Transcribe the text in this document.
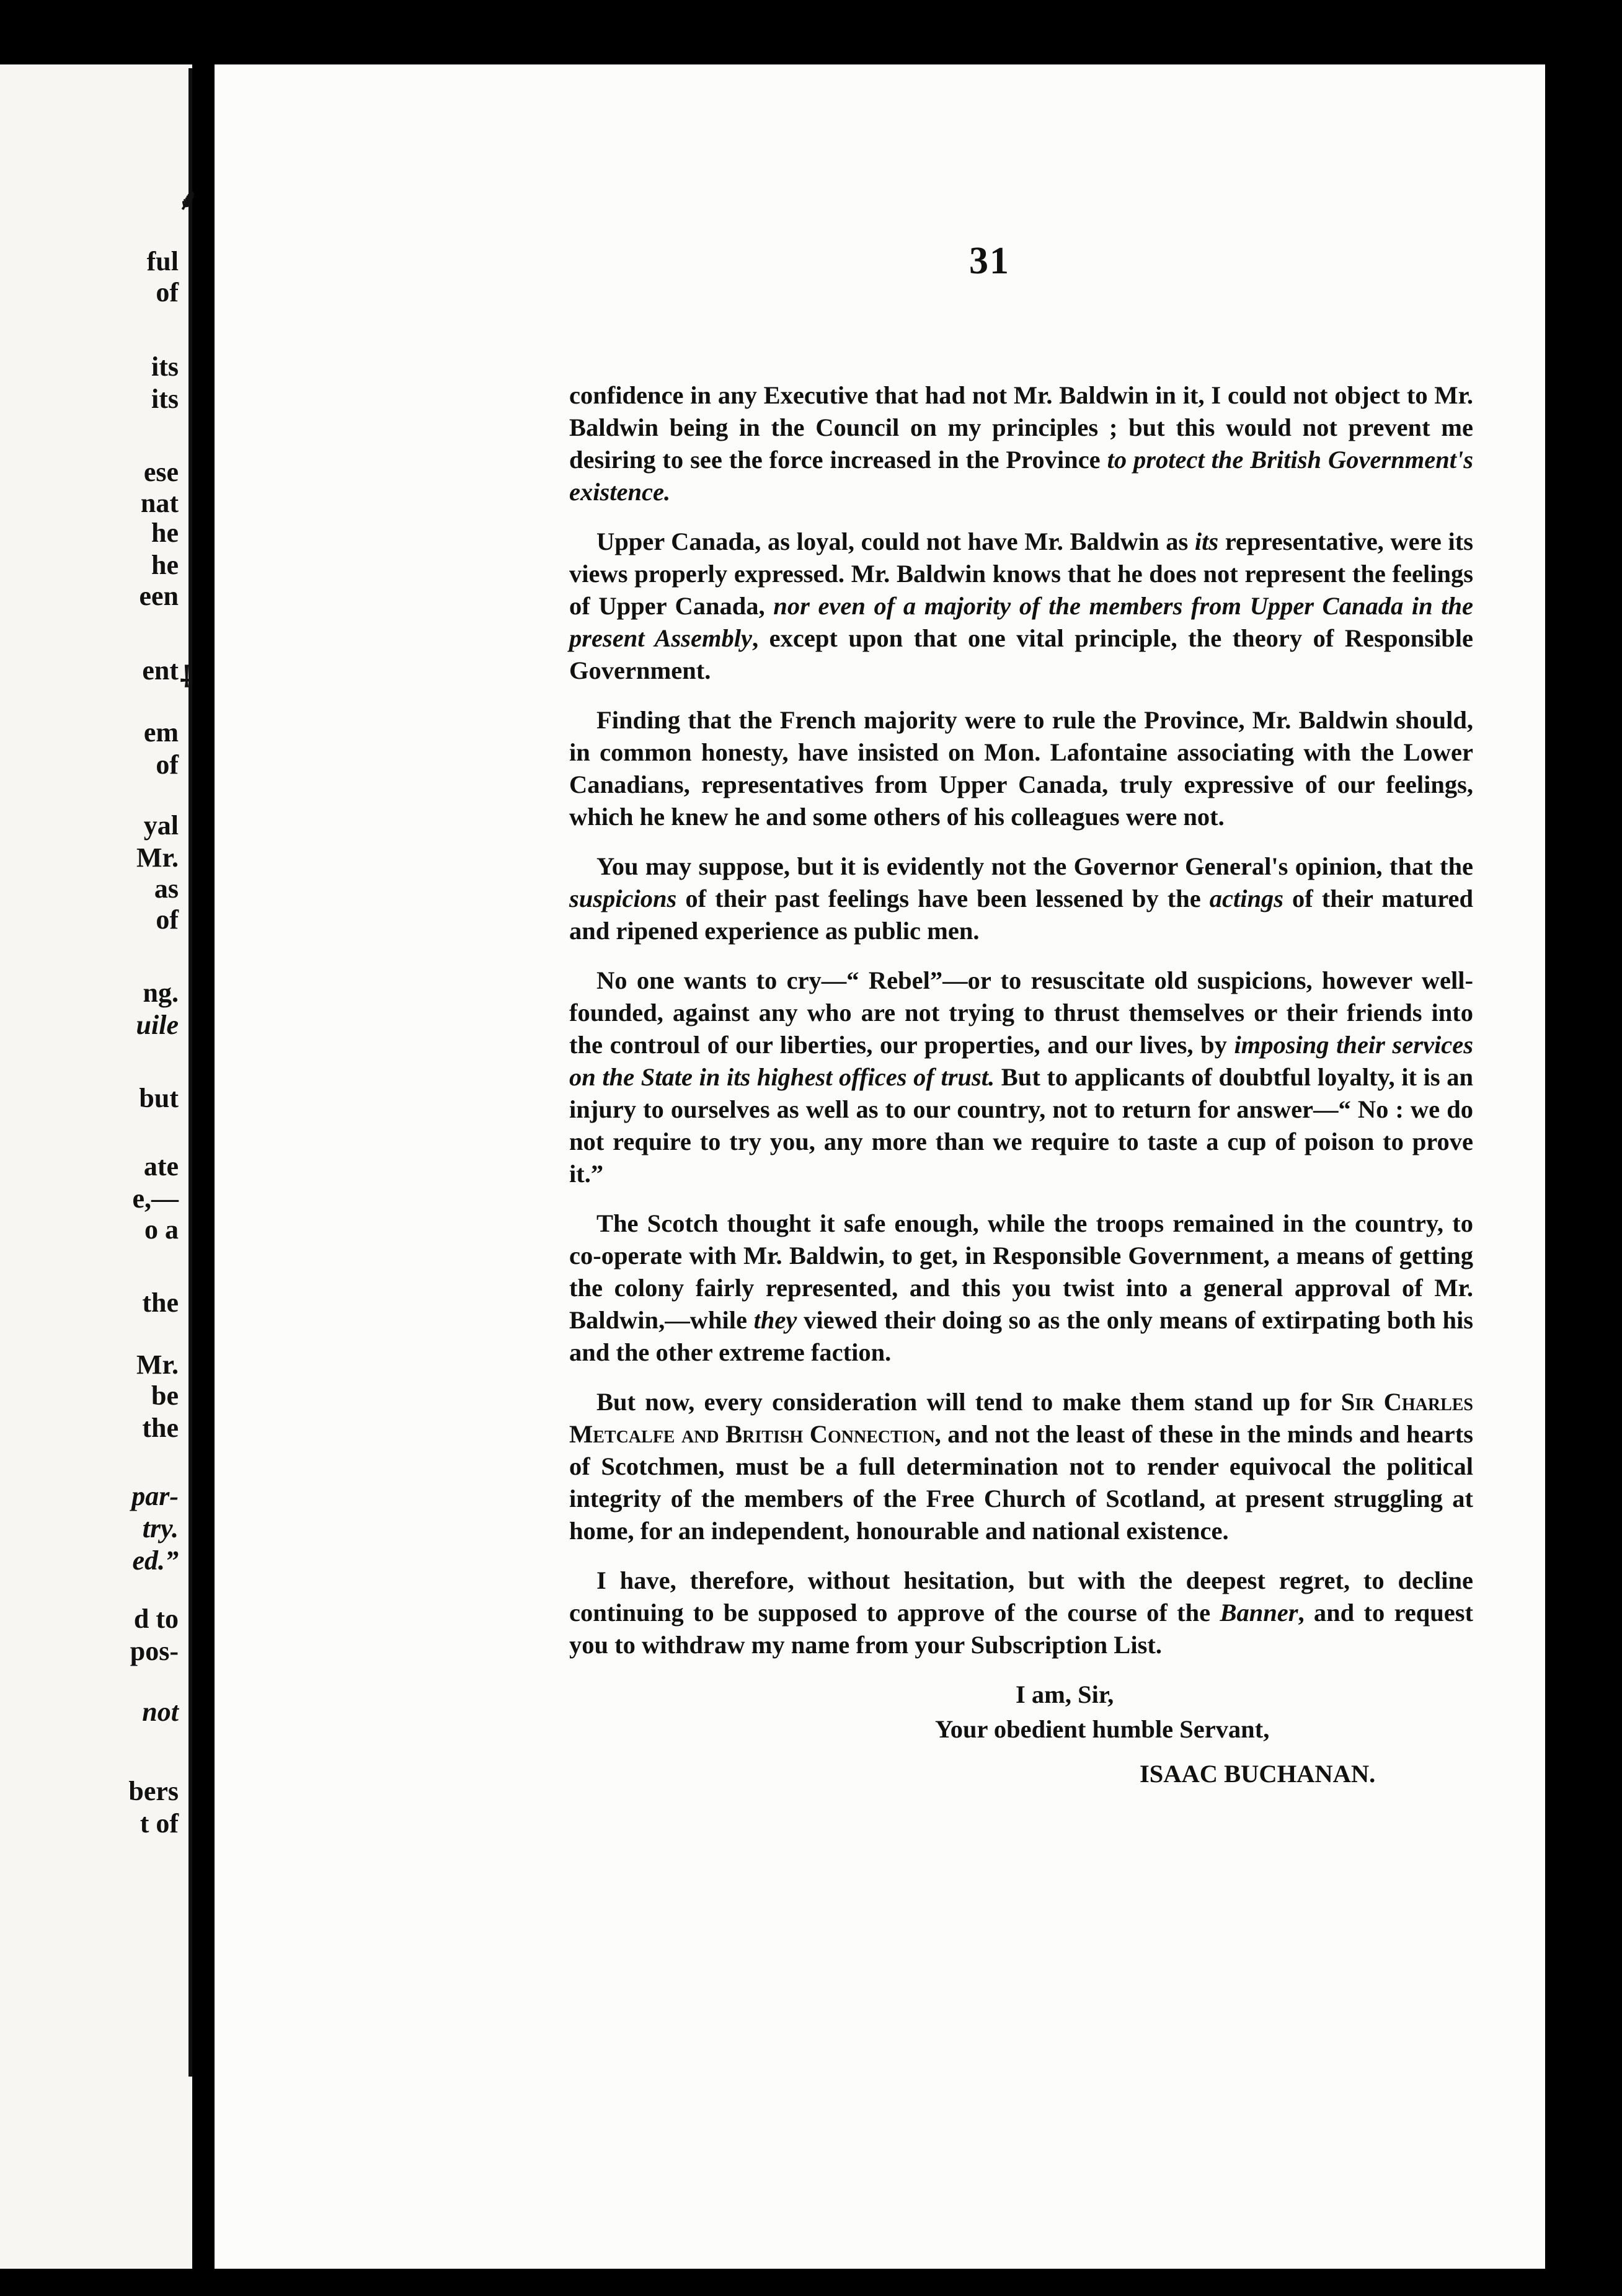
ful
of
its
its
ese
nat
he
he
een
ent
em
of
yal
Mr.
as
of
ng.
uile
but
ate
e,—
o a
the
Mr.
be
the
par-
try.
ed.”
d to
pos-
not
bers
t of
⸙
⸸
31

confidence in any Executive that had not Mr. Baldwin in it, I could not object to Mr. Baldwin being in the Council on my principles ; but this would not prevent me desiring to see the force increased in the Province to protect the British Government's existence.

Upper Canada, as loyal, could not have Mr. Baldwin as its representative, were its views properly expressed. Mr. Baldwin knows that he does not represent the feelings of Upper Canada, nor even of a majority of the members from Upper Canada in the present Assembly, except upon that one vital principle, the theory of Responsible Government.

Finding that the French majority were to rule the Province, Mr. Baldwin should, in common honesty, have insisted on Mon. Lafontaine associating with the Lower Canadians, representatives from Upper Canada, truly expressive of our feelings, which he knew he and some others of his colleagues were not.

You may suppose, but it is evidently not the Governor General's opinion, that the suspicions of their past feelings have been lessened by the actings of their matured and ripened experience as public men.

No one wants to cry—“ Rebel”—or to resuscitate old suspicions, however well-founded, against any who are not trying to thrust themselves or their friends into the controul of our liberties, our properties, and our lives, by imposing their services on the State in its highest offices of trust. But to applicants of doubtful loyalty, it is an injury to ourselves as well as to our country, not to return for answer—“ No : we do not require to try you, any more than we require to taste a cup of poison to prove it.”

The Scotch thought it safe enough, while the troops remained in the country, to co-operate with Mr. Baldwin, to get, in Responsible Government, a means of getting the colony fairly represented, and this you twist into a general approval of Mr. Baldwin,—while they viewed their doing so as the only means of extirpating both his and the other extreme faction.

But now, every consideration will tend to make them stand up for Sir Charles Metcalfe and British Connection, and not the least of these in the minds and hearts of Scotchmen, must be a full determination not to render equivocal the political integrity of the members of the Free Church of Scotland, at present struggling at home, for an independent, honourable and national existence.

I have, therefore, without hesitation, but with the deepest regret, to decline continuing to be supposed to approve of the course of the Banner, and to request you to withdraw my name from your Subscription List.

I am, Sir,
Your obedient humble Servant,
ISAAC BUCHANAN.
